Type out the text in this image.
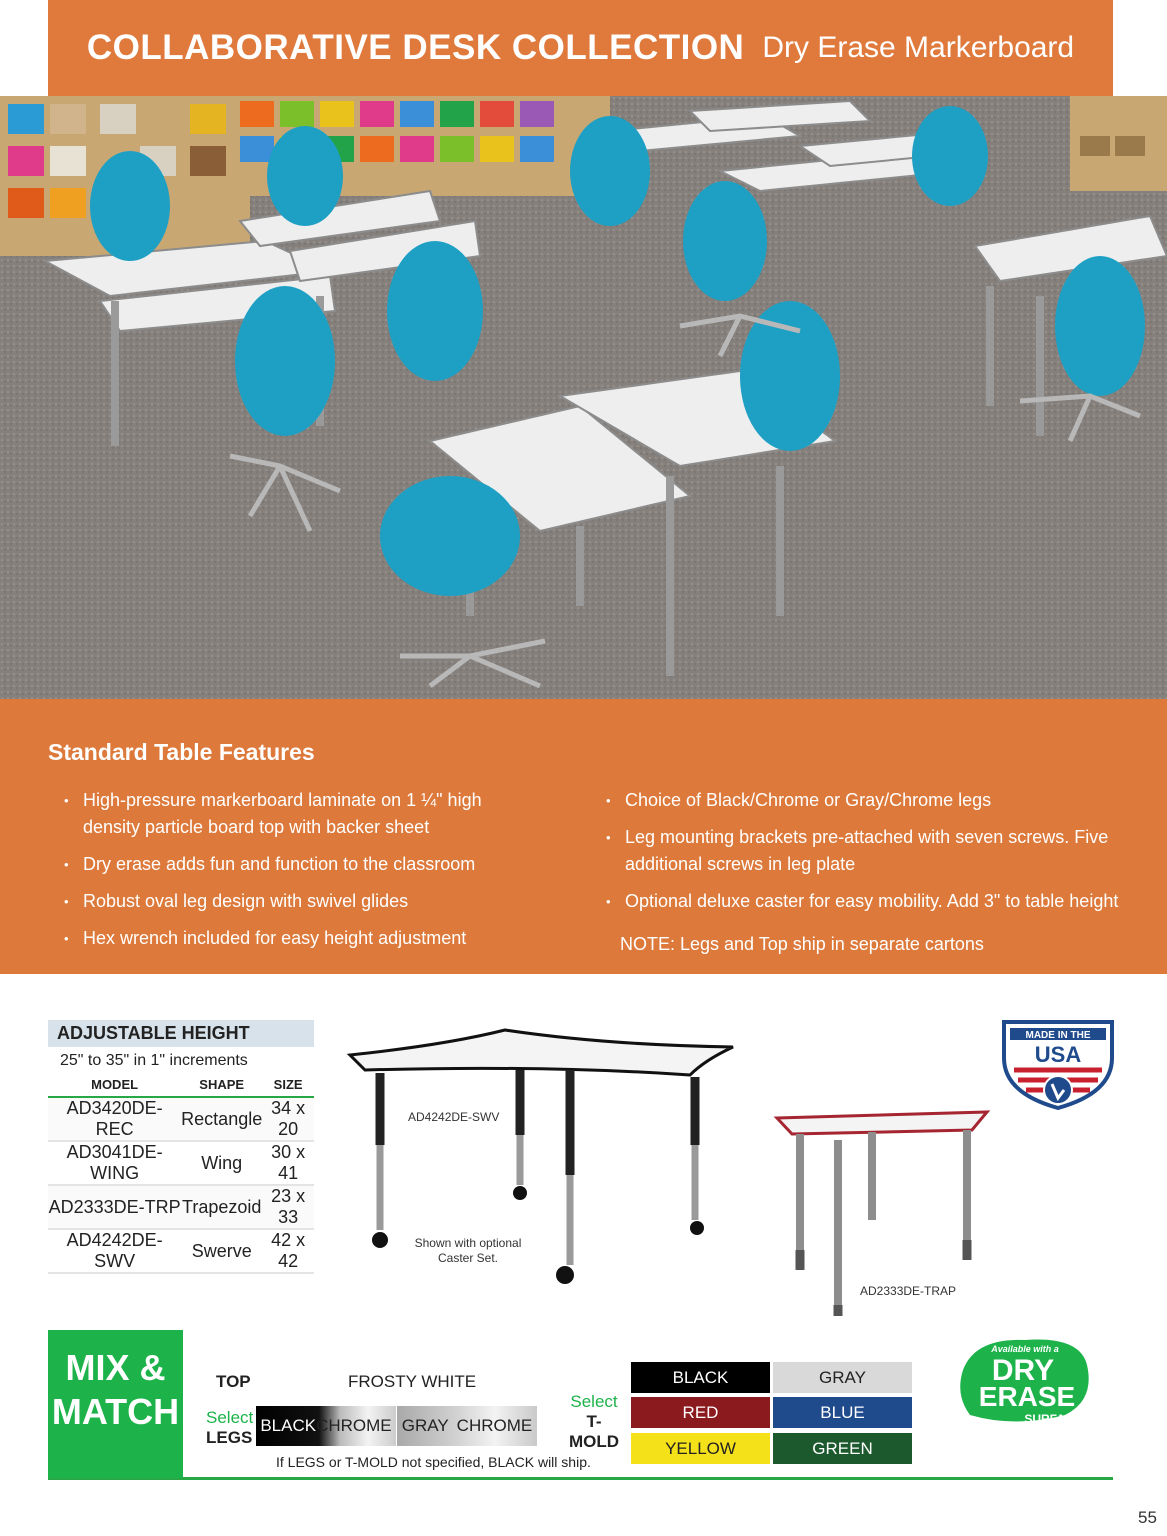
COLLABORATIVE DESK COLLECTION Dry Erase Markerboard
Standard Table Features
• High-pressure markerboard laminate on 1 ¼" high density particle board top with backer sheet
• Dry erase adds fun and function to the classroom
• Robust oval leg design with swivel glides
• Hex wrench included for easy height adjustment
• Choice of Black/Chrome or Gray/Chrome legs
• Leg mounting brackets pre-attached with seven screws. Five additional screws in leg plate
• Optional deluxe caster for easy mobility. Add 3" to table height
NOTE: Legs and Top ship in separate cartons
ADJUSTABLE HEIGHT
25" to 35" in 1" increments
MODEL	SHAPE	SIZE
AD3420DE-REC	Rectangle	34 x 20
AD3041DE-WING	Wing	30 x 41
AD2333DE-TRP	Trapezoid	23 x 33
AD4242DE-SWV	Swerve	42 x 42
AD4242DE-SWV
Shown with optional Caster Set.
AD2333DE-TRAP
MADE IN THE
USA
MIX &
MATCH
TOP	FROSTY WHITE
Select
LEGS
BLACK CHROME GRAY CHROME
If LEGS or T-MOLD not specified, BLACK will ship.
Select
T-MOLD
BLACK	GRAY
RED	BLUE
YELLOW	GREEN
Available with a
DRY
ERASE
SURFACE
55
